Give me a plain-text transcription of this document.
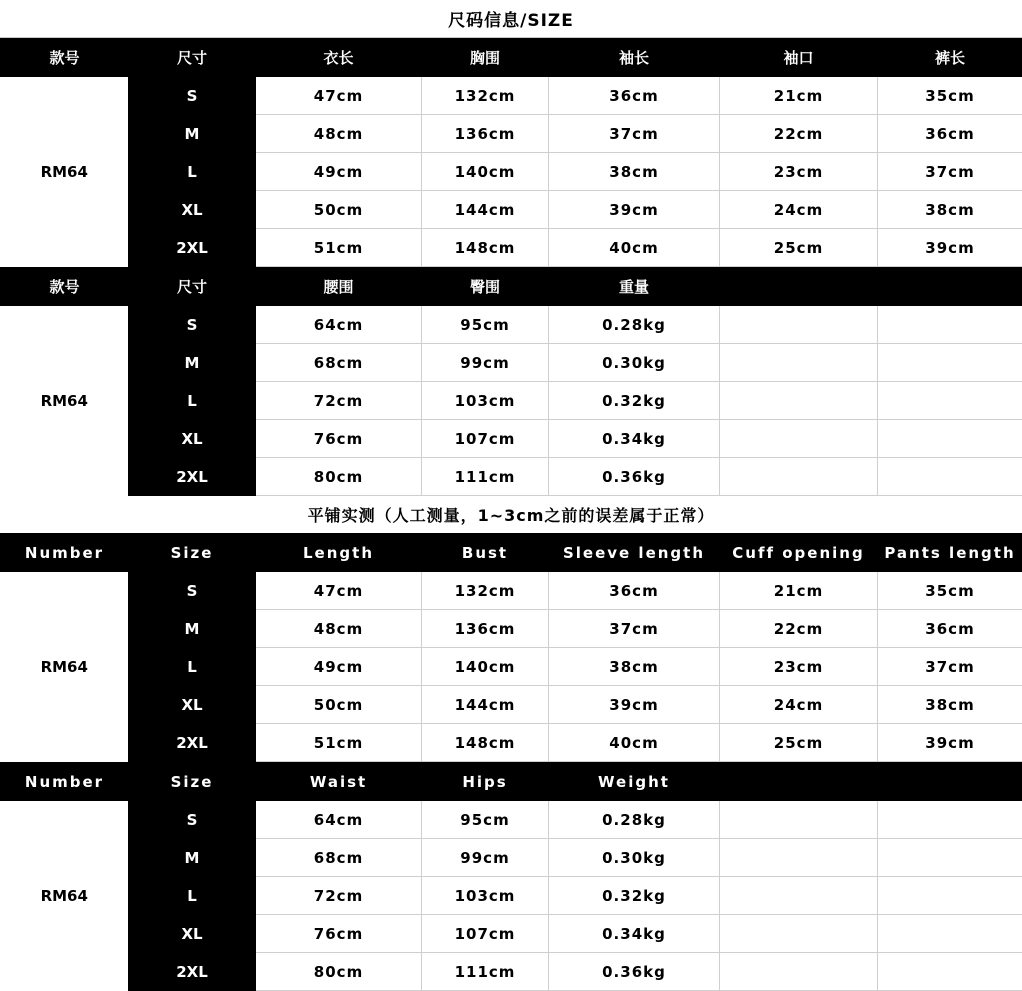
尺码信息/SIZE
款号	尺寸	衣长	胸围	袖长	袖口	裤长
RM64	S	47cm	132cm	36cm	21cm	35cm
	M	48cm	136cm	37cm	22cm	36cm
	L	49cm	140cm	38cm	23cm	37cm
	XL	50cm	144cm	39cm	24cm	38cm
	2XL	51cm	148cm	40cm	25cm	39cm
款号	尺寸	腰围	臀围	重量		
RM64	S	64cm	95cm	0.28kg		
	M	68cm	99cm	0.30kg		
	L	72cm	103cm	0.32kg		
	XL	76cm	107cm	0.34kg		
	2XL	80cm	111cm	0.36kg		
平铺实测（人工测量，1~3cm之前的误差属于正常）
Number	Size	Length	Bust	Sleeve length	Cuff opening	Pants length
RM64	S	47cm	132cm	36cm	21cm	35cm
	M	48cm	136cm	37cm	22cm	36cm
	L	49cm	140cm	38cm	23cm	37cm
	XL	50cm	144cm	39cm	24cm	38cm
	2XL	51cm	148cm	40cm	25cm	39cm
Number	Size	Waist	Hips	Weight		
RM64	S	64cm	95cm	0.28kg		
	M	68cm	99cm	0.30kg		
	L	72cm	103cm	0.32kg		
	XL	76cm	107cm	0.34kg		
	2XL	80cm	111cm	0.36kg		
